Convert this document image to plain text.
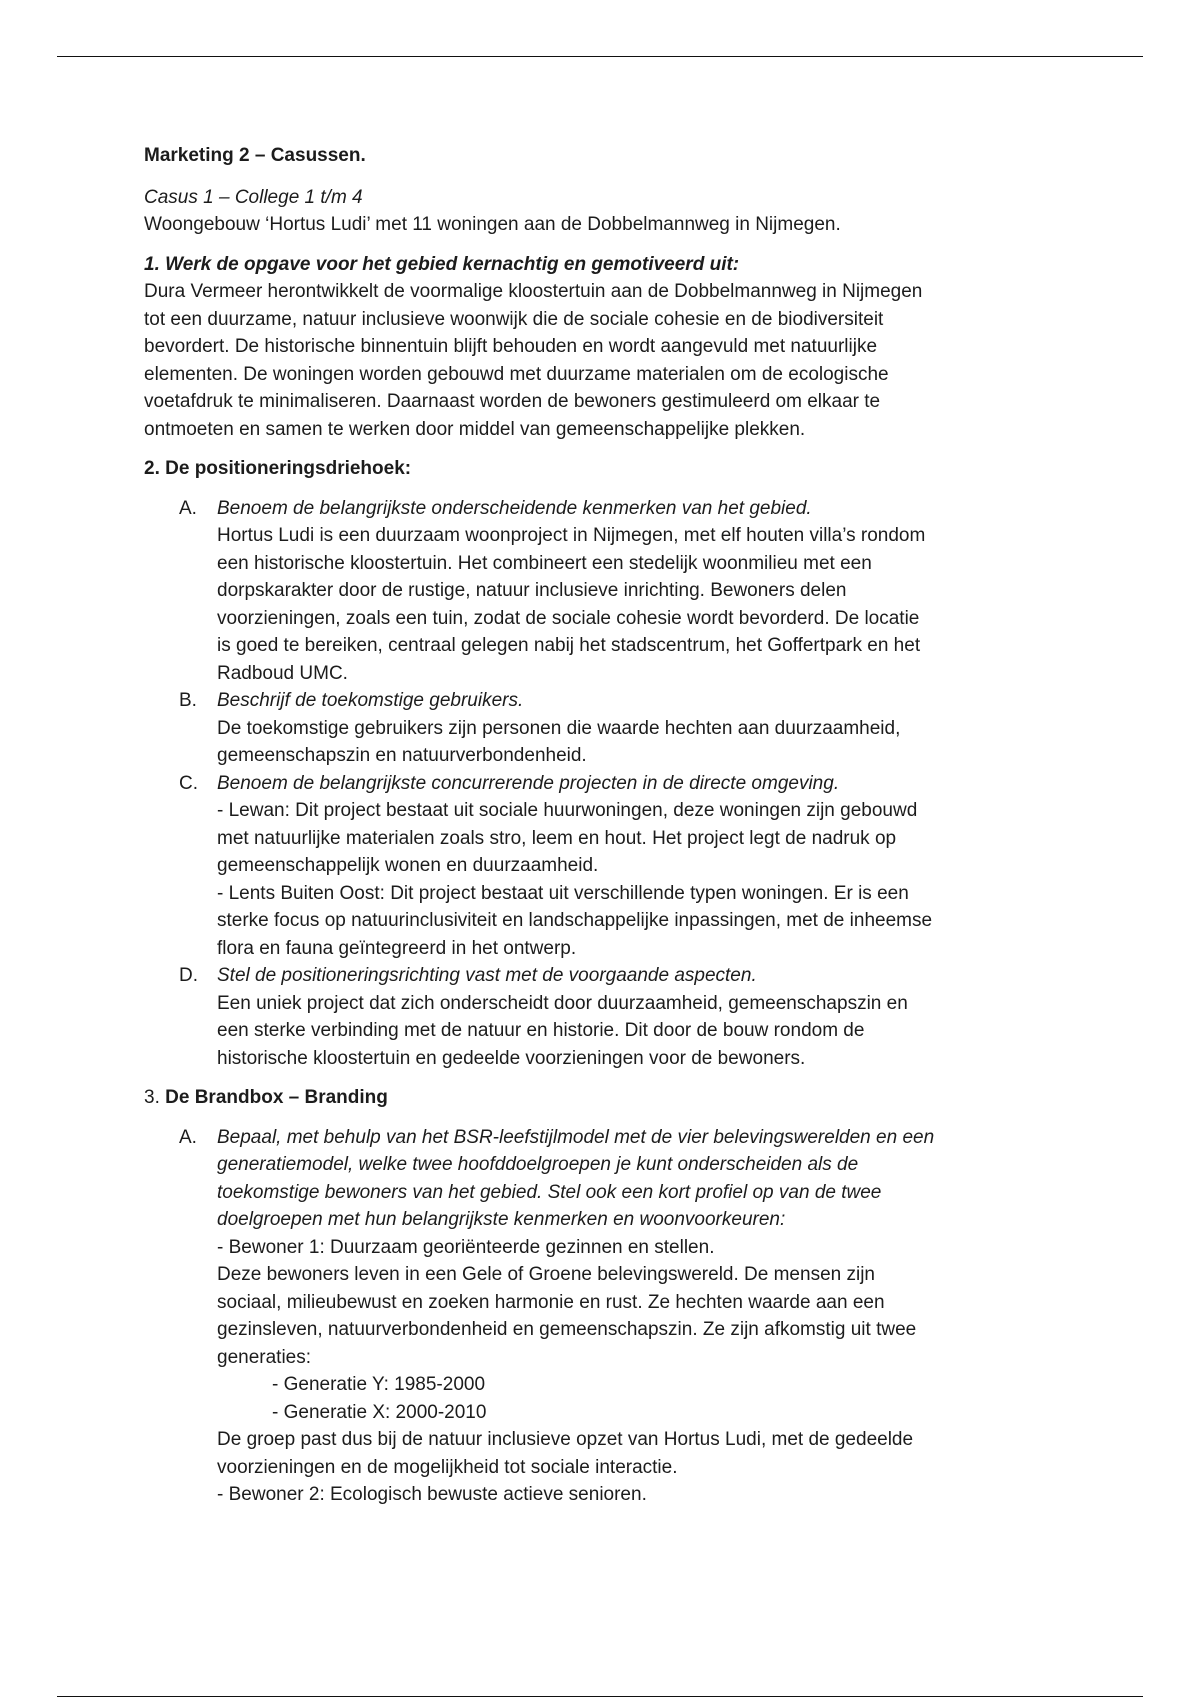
Marketing 2 – Casussen.

Casus 1 – College 1 t/m 4

Woongebouw ‘Hortus Ludi’ met 11 woningen aan de Dobbelmannweg in Nijmegen.

1. Werk de opgave voor het gebied kernachtig en gemotiveerd uit:

Dura Vermeer herontwikkelt de voormalige kloostertuin aan de Dobbelmannweg in Nijmegen

tot een duurzame, natuur inclusieve woonwijk die de sociale cohesie en de biodiversiteit

bevordert. De historische binnentuin blijft behouden en wordt aangevuld met natuurlijke

elementen. De woningen worden gebouwd met duurzame materialen om de ecologische

voetafdruk te minimaliseren. Daarnaast worden de bewoners gestimuleerd om elkaar te

ontmoeten en samen te werken door middel van gemeenschappelijke plekken.

2. De positioneringsdriehoek:

A. Benoem de belangrijkste onderscheidende kenmerken van het gebied.

Hortus Ludi is een duurzaam woonproject in Nijmegen, met elf houten villa’s rondom

een historische kloostertuin. Het combineert een stedelijk woonmilieu met een

dorpskarakter door de rustige, natuur inclusieve inrichting. Bewoners delen

voorzieningen, zoals een tuin, zodat de sociale cohesie wordt bevorderd. De locatie

is goed te bereiken, centraal gelegen nabij het stadscentrum, het Goffertpark en het

Radboud UMC.

B. Beschrijf de toekomstige gebruikers.

De toekomstige gebruikers zijn personen die waarde hechten aan duurzaamheid,

gemeenschapszin en natuurverbondenheid.

C. Benoem de belangrijkste concurrerende projecten in de directe omgeving.

- Lewan: Dit project bestaat uit sociale huurwoningen, deze woningen zijn gebouwd

met natuurlijke materialen zoals stro, leem en hout. Het project legt de nadruk op

gemeenschappelijk wonen en duurzaamheid.

- Lents Buiten Oost: Dit project bestaat uit verschillende typen woningen. Er is een

sterke focus op natuurinclusiviteit en landschappelijke inpassingen, met de inheemse

flora en fauna geïntegreerd in het ontwerp.

D. Stel de positioneringsrichting vast met de voorgaande aspecten.

Een uniek project dat zich onderscheidt door duurzaamheid, gemeenschapszin en

een sterke verbinding met de natuur en historie. Dit door de bouw rondom de

historische kloostertuin en gedeelde voorzieningen voor de bewoners.

3. De Brandbox – Branding

A. Bepaal, met behulp van het BSR-leefstijlmodel met de vier belevingswerelden en een

generatiemodel, welke twee hoofddoelgroepen je kunt onderscheiden als de

toekomstige bewoners van het gebied. Stel ook een kort profiel op van de twee

doelgroepen met hun belangrijkste kenmerken en woonvoorkeuren:

- Bewoner 1: Duurzaam georiënteerde gezinnen en stellen.

Deze bewoners leven in een Gele of Groene belevingswereld. De mensen zijn

sociaal, milieubewust en zoeken harmonie en rust. Ze hechten waarde aan een

gezinsleven, natuurverbondenheid en gemeenschapszin. Ze zijn afkomstig uit twee

generaties:

- Generatie Y: 1985-2000

- Generatie X: 2000-2010

De groep past dus bij de natuur inclusieve opzet van Hortus Ludi, met de gedeelde

voorzieningen en de mogelijkheid tot sociale interactie.

- Bewoner 2: Ecologisch bewuste actieve senioren.
